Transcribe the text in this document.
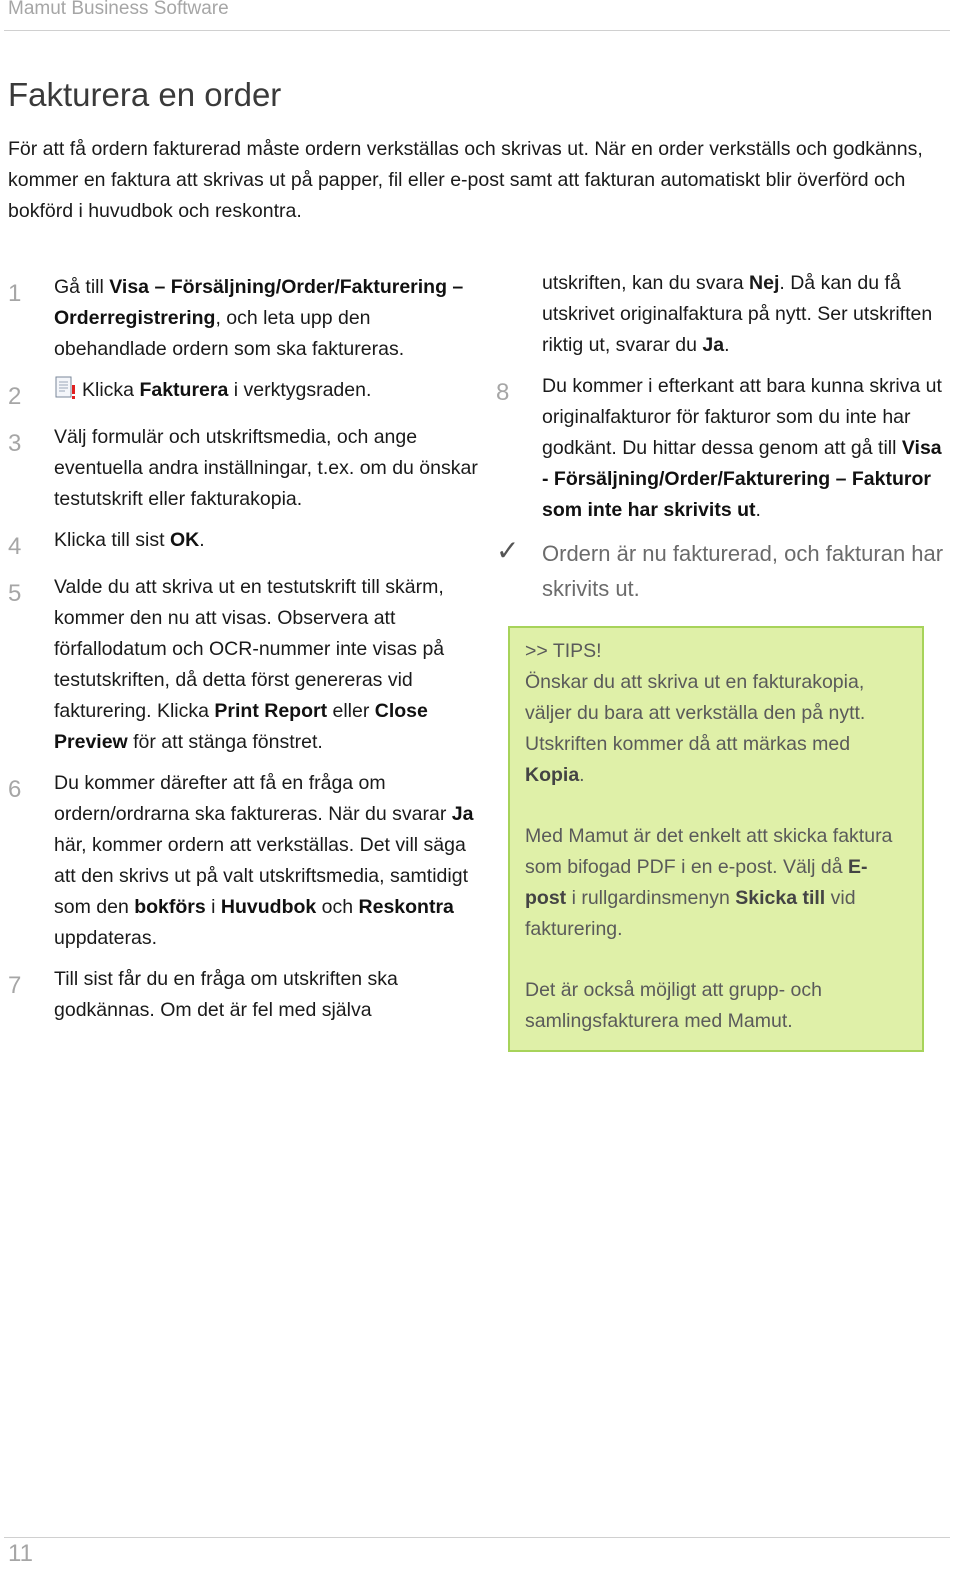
Mamut Business Software
Fakturera en order

För att få ordern fakturerad måste ordern verkställas och skrivas ut. När en order verkställs och godkänns, kommer en faktura att skrivas ut på papper, fil eller e-post samt att fakturan automatiskt blir överförd och bokförd i huvudbok och reskontra.

1	Gå till Visa – Försäljning/Order/Fakturering – Orderregistrering, och leta upp den obehandlade ordern som ska faktureras.
2	Klicka Fakturera i verktygsraden.
3	Välj formulär och utskriftsmedia, och ange eventuella andra inställningar, t.ex. om du önskar testutskrift eller fakturakopia.
4	Klicka till sist OK.
5	Valde du att skriva ut en testutskrift till skärm, kommer den nu att visas. Observera att förfallodatum och OCR-nummer inte visas på testutskriften, då detta först genereras vid fakturering. Klicka Print Report eller Close Preview för att stänga fönstret.
6	Du kommer därefter att få en fråga om ordern/ordrarna ska faktureras. När du svarar Ja här, kommer ordern att verkställas. Det vill säga att den skrivs ut på valt utskriftsmedia, samtidigt som den bokförs i Huvudbok och Reskontra uppdateras.
7	Till sist får du en fråga om utskriften ska godkännas. Om det är fel med själva
utskriften, kan du svara Nej. Då kan du få utskrivet originalfaktura på nytt. Ser utskriften riktig ut, svarar du Ja.
8	Du kommer i efterkant att bara kunna skriva ut originalfakturor för fakturor som du inte har godkänt. Du hittar dessa genom att gå till Visa - Försäljning/Order/Fakturering – Fakturor som inte har skrivits ut.
✓	Ordern är nu fakturerad, och fakturan har skrivits ut.
>> TIPS!

Önskar du att skriva ut en fakturakopia, väljer du bara att verkställa den på nytt. Utskriften kommer då att märkas med Kopia.

Med Mamut är det enkelt att skicka faktura som bifogad PDF i en e-post. Välj då E-post i rullgardinsmenyn Skicka till vid fakturering.

Det är också möjligt att grupp- och samlingsfakturera med Mamut.

11
